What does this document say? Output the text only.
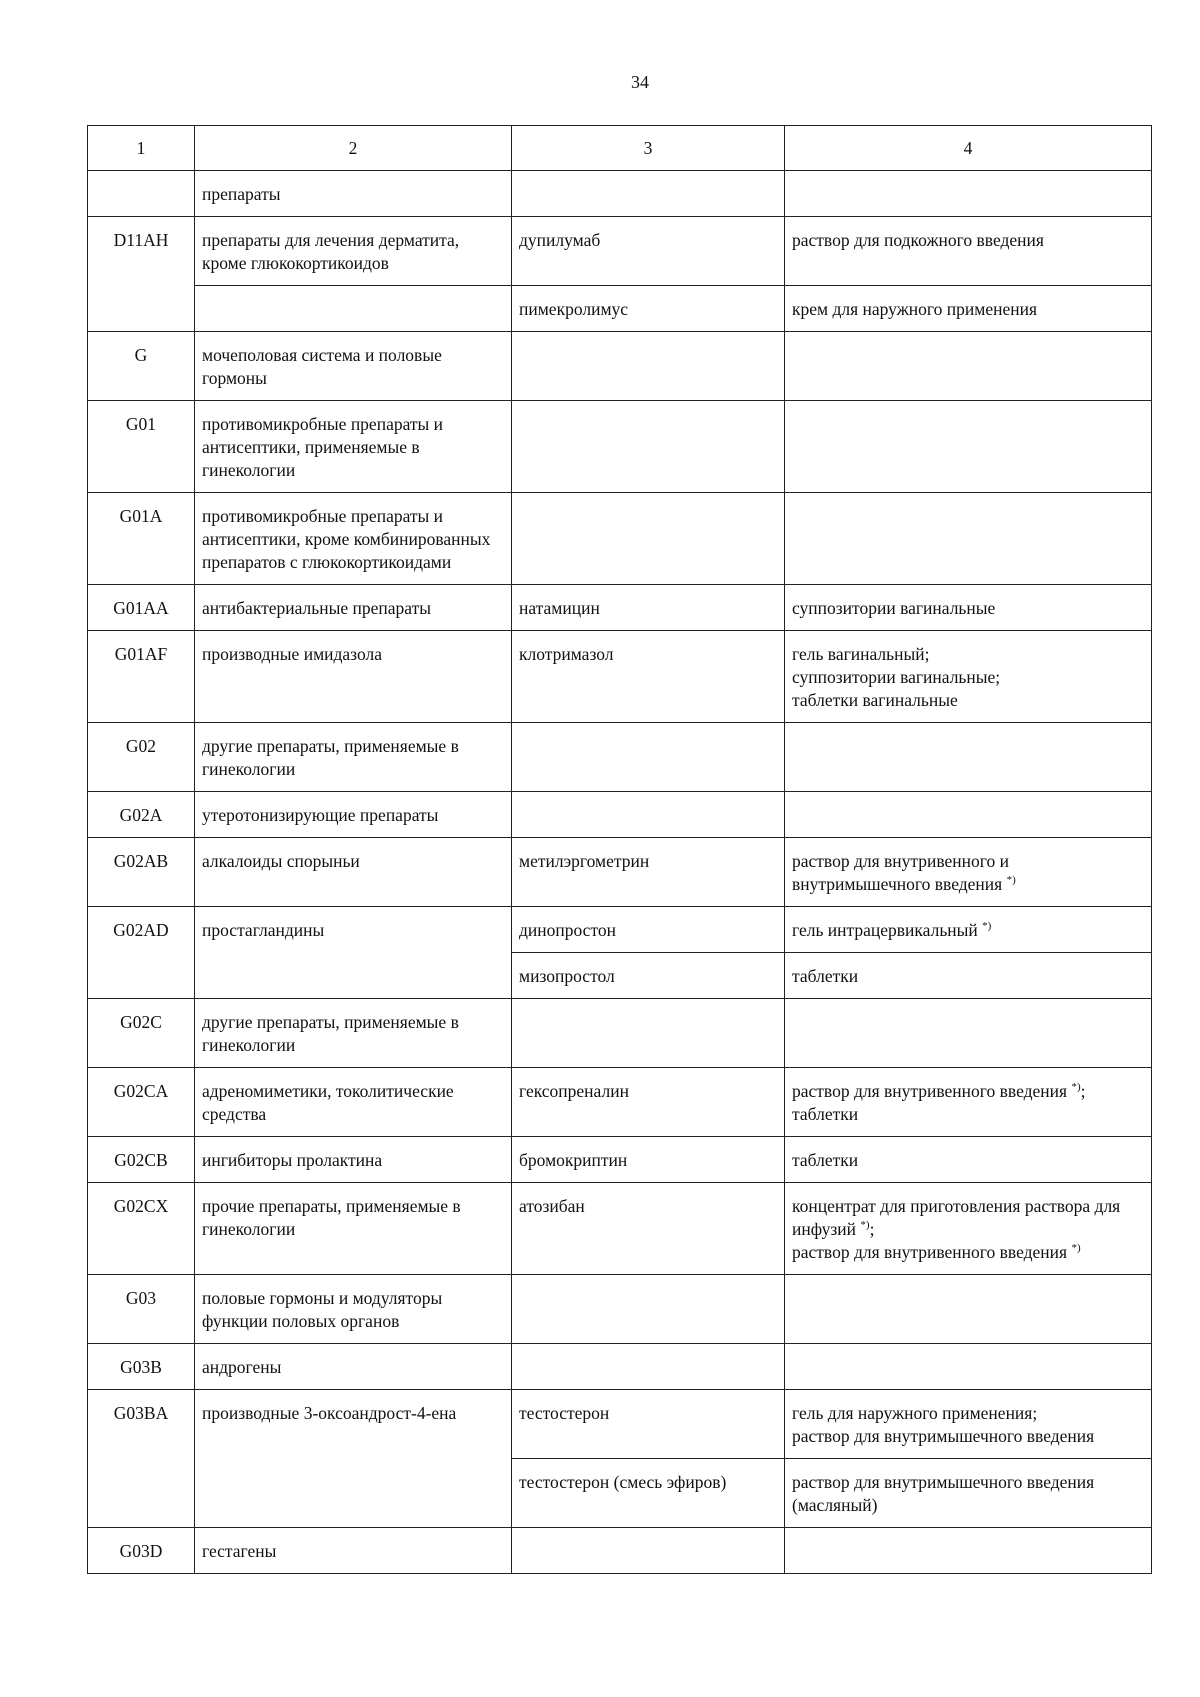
34
1	2	3	4
	препараты		
D11AH	препараты для лечения дерматита, кроме глюкокортикоидов	дупилумаб	раствор для подкожного введения
		пимекролимус	крем для наружного применения
G	мочеполовая система и половые гормоны		
G01	противомикробные препараты и антисептики, применяемые в гинекологии		
G01A	противомикробные препараты и антисептики, кроме комбинированных препаратов с глюкокортикоидами		
G01AA	антибактериальные препараты	натамицин	суппозитории вагинальные
G01AF	производные имидазола	клотримазол	гель вагинальный;
суппозитории вагинальные;
таблетки вагинальные

G02	другие препараты, применяемые в гинекологии		
G02A	утеротонизирующие препараты		
G02AB	алкалоиды спорыньи	метилэргометрин	раствор для внутривенного и внутримышечного введения *)
G02AD	простагландины	динопростон	гель интрацервикальный *)
		мизопростол	таблетки
G02C	другие препараты, применяемые в гинекологии		
G02CA	адреномиметики, токолитические средства	гексопреналин	раствор для внутривенного введения *);
таблетки
G02CB	ингибиторы пролактина	бромокриптин	таблетки
G02CX	прочие препараты, применяемые в гинекологии	атозибан	концентрат для приготовления раствора для инфузий *);
раствор для внутривенного введения *)
G03	половые гормоны и модуляторы функции половых органов		
G03B	андрогены		
G03BA	производные 3-оксоандрост-4-ена	тестостерон	гель для наружного применения;
раствор для внутримышечного введения

		тестостерон (смесь эфиров)	раствор для внутримышечного введения (масляный)
G03D	гестагены		
